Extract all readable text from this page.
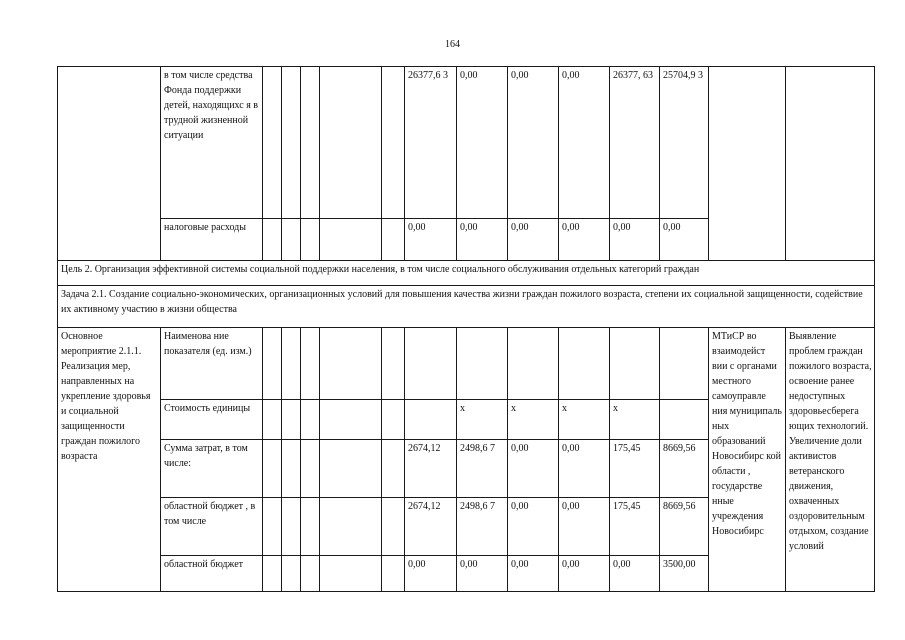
164
	в том числе средства Фонда поддержки детей, находящихс я в трудной жизненной ситуации						26377,6 3	0,00	0,00	0,00	26377, 63	25704,9 3		
	налоговые расходы						0,00	0,00	0,00	0,00	0,00	0,00		
Цель 2. Организация эффективной системы социальной поддержки населения, в том числе социального обслуживания отдельных категорий граждан														
Задача 2.1. Создание социально-экономических, организационных условий для повышения качества жизни граждан пожилого возраста, степени их социальной защищенности, содействие их активному участию в жизни общества														
Основное мероприятие 2.1.1. Реализация мер, направленных на укрепление здоровья и социальной защищенности граждан пожилого возраста	Наименова ние показателя (ед. изм.)												МТиСР во взаимодейст вии с органами местного самоуправле ния муниципаль ных образований Новосибирс кой области , государстве нные учреждения Новосибирс	Выявление проблем граждан пожилого возраста, освоение ранее недоступных здоровьесберега ющих технологий. Увеличение доли активистов ветеранского движения, охваченных оздоровительным отдыхом, создание условий
	Стоимость единицы							x	x	x	x			
	Сумма затрат, в том числе:						2674,12	2498,6 7	0,00	0,00	175,45	8669,56		
	областной бюджет , в том числе						2674,12	2498,6 7	0,00	0,00	175,45	8669,56		
	областной бюджет						0,00	0,00	0,00	0,00	0,00	3500,00		
